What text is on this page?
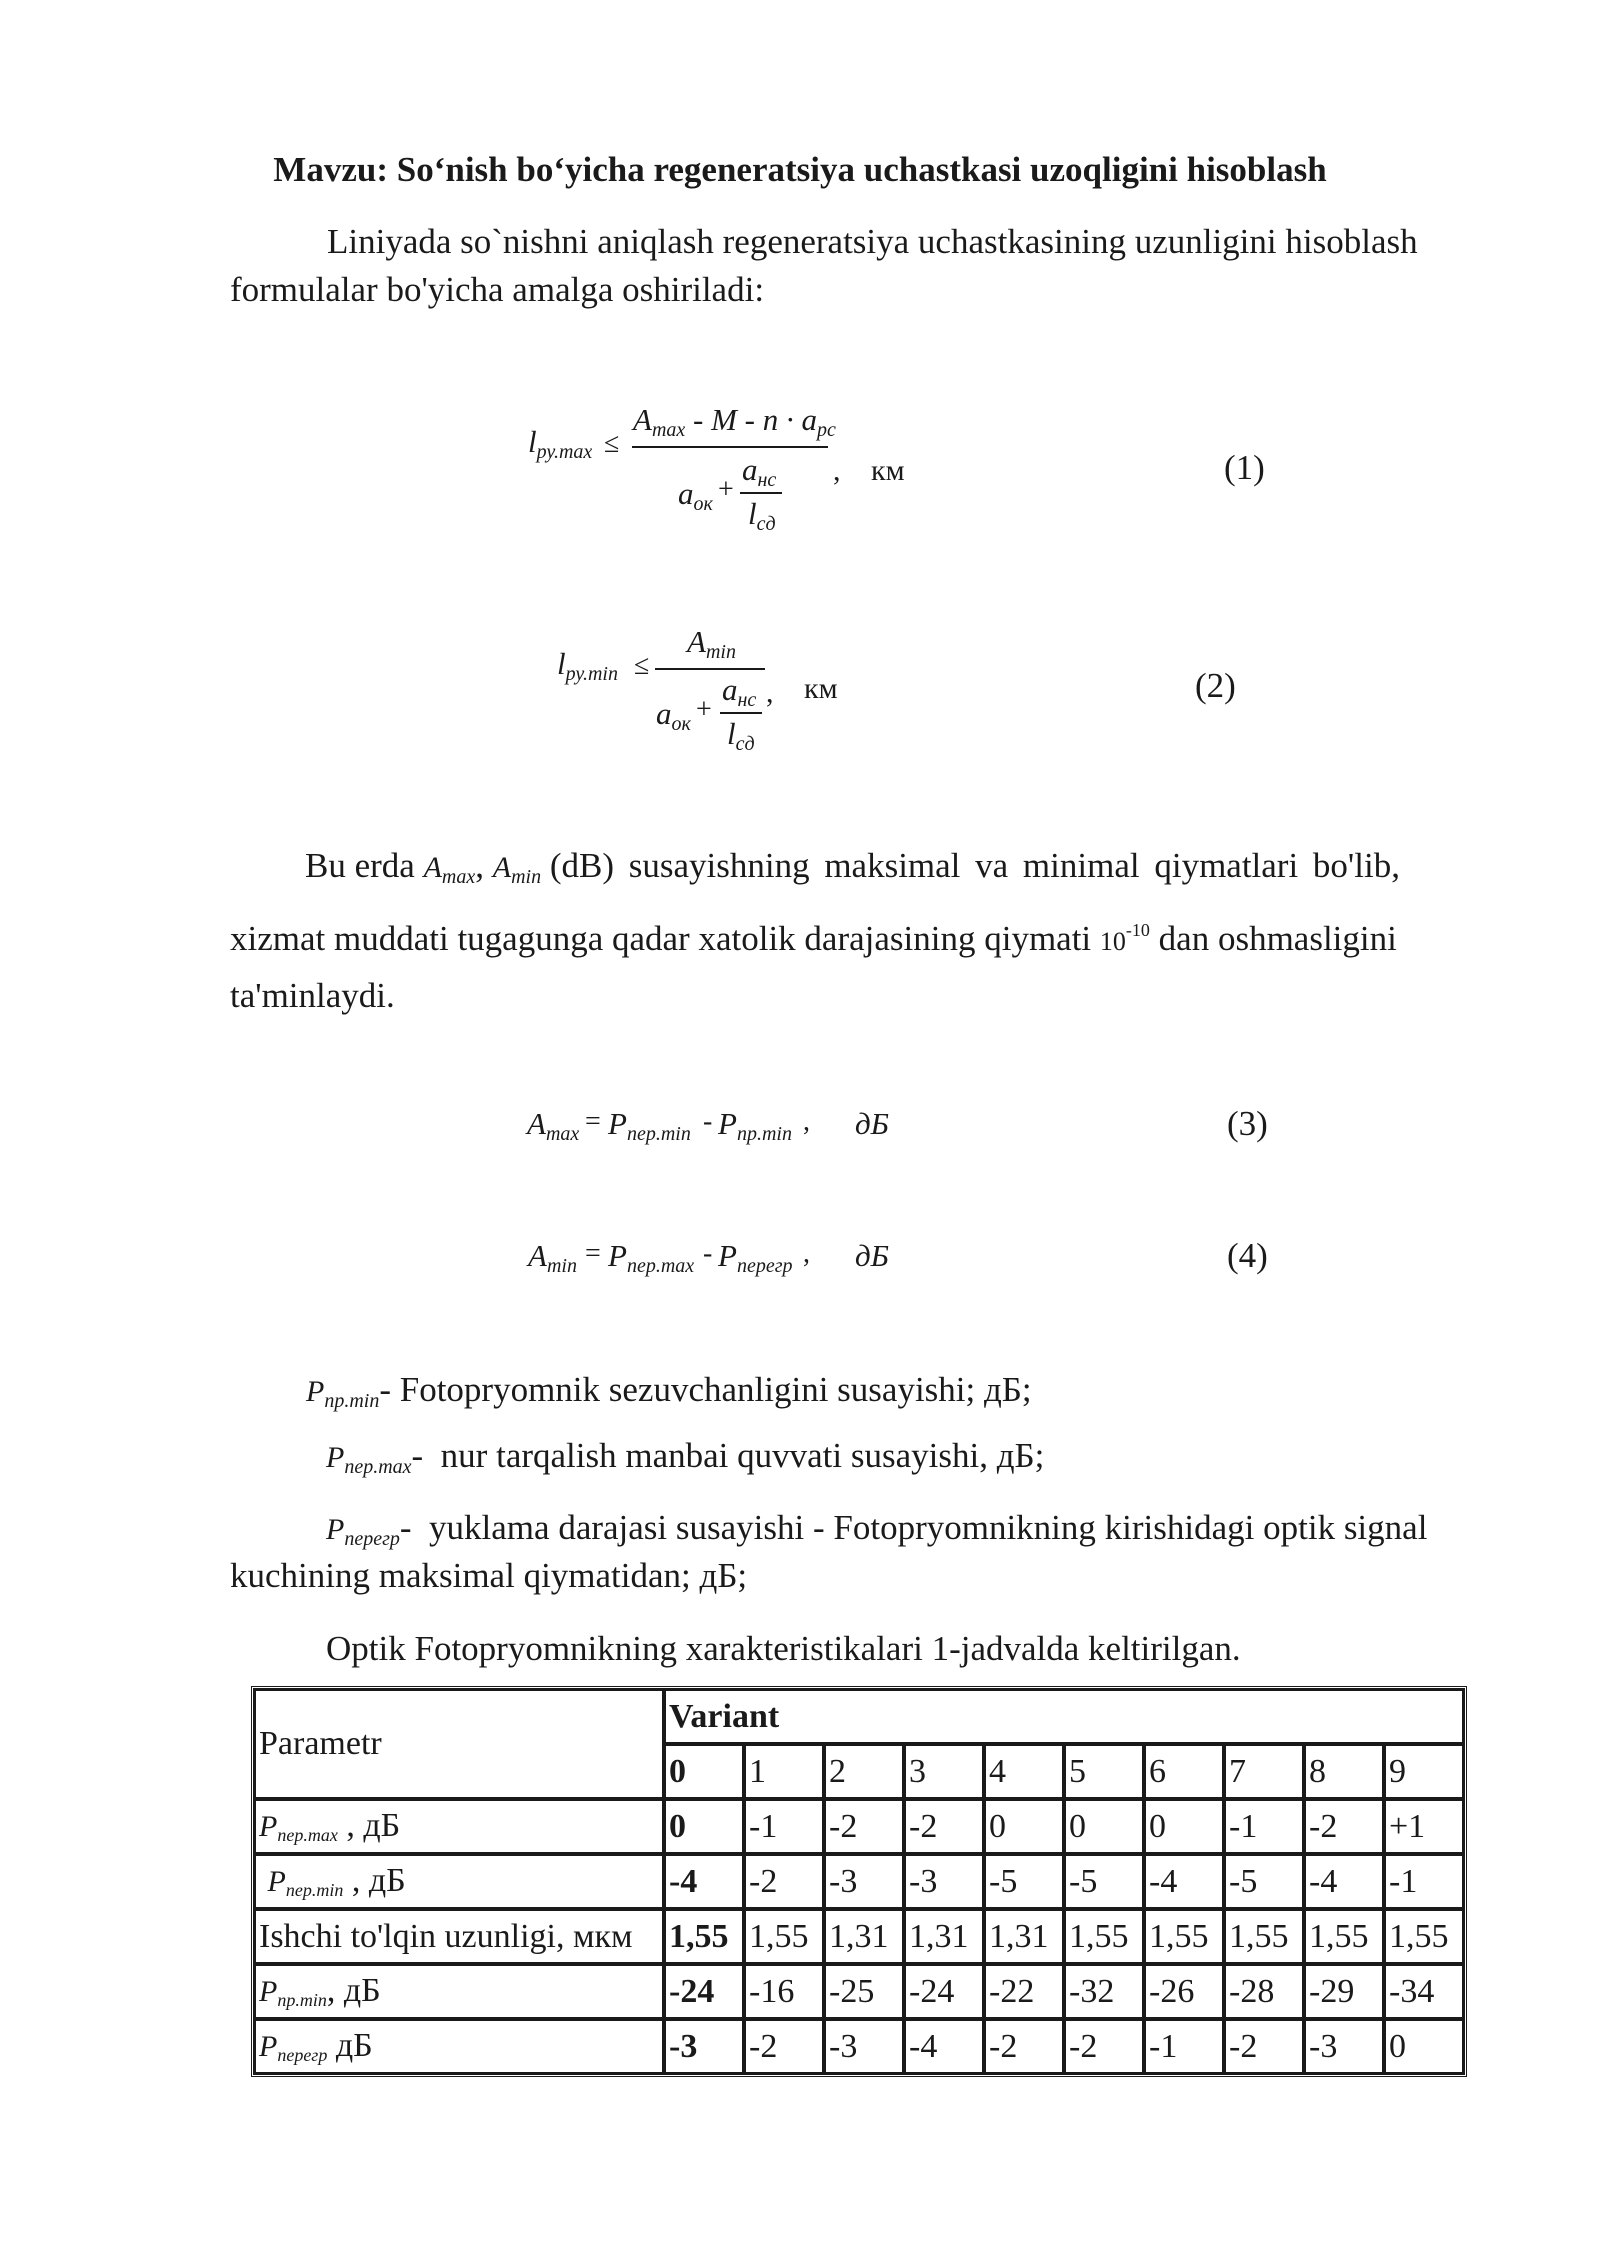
Mavzu: So‘nish bo‘yicha regeneratsiya uchastkasi uzoqligini hisoblash
Liniyada so`nishni aniqlash regeneratsiya uchastkasining uzunligini hisoblash
formulalar bo'yicha amalga oshiriladi:
$l_{ру.max}$ ≤
$A_{max} - M - n \cdot a_{рс}$
$a_{ок}$ +
$a_{нс}$
$l_{сд}$
, км	(1)
$l_{ру.min}$ ≤
$A_{min}$
$a_{ок}$ +
$a_{нс}$
$l_{сд}$
, км	(2)
Bu erda $A_{max}$, $A_{min}$ (dB) susayishning maksimal va minimal qiymatlari bo'lib,
xizmat muddati tugagunga qadar xatolik darajasining qiymati $10^{-10}$ dan oshmasligini
ta'minlaydi.
$A_{max} = P_{пер.min} - P_{пр.min}$ , дБ	(3)
$A_{min} = P_{пер.max} - P_{перегр}$ , дБ	(4)
$P_{пр.min}-$ Fotopryomnik sezuvchanligini susayishi; дБ;
$P_{пер.max}-$  nur tarqalish manbai quvvati susayishi, дБ;
$P_{перегр}-$  yuklama darajasi susayishi - Fotopryomnikning kirishidagi optik signal
kuchining maksimal qiymatidan; дБ;
Optik Fotopryomnikning xarakteristikalari 1-jadvalda keltirilgan.
Parametr	Variant									
	0	1	2	3	4	5	6	7	8	9
Pпер.max , дБ	0	-1	-2	-2	0	0	0	-1	-2	+1
Pпер.min , дБ	-4	-2	-3	-3	-5	-5	-4	-5	-4	-1
Ishchi to'lqin uzunligi, мкм	1,55	1,55	1,31	1,31	1,31	1,55	1,55	1,55	1,55	1,55
Pпр.min, дБ	-24	-16	-25	-24	-22	-32	-26	-28	-29	-34
Pперегр дБ	-3	-2	-3	-4	-2	-2	-1	-2	-3	0
